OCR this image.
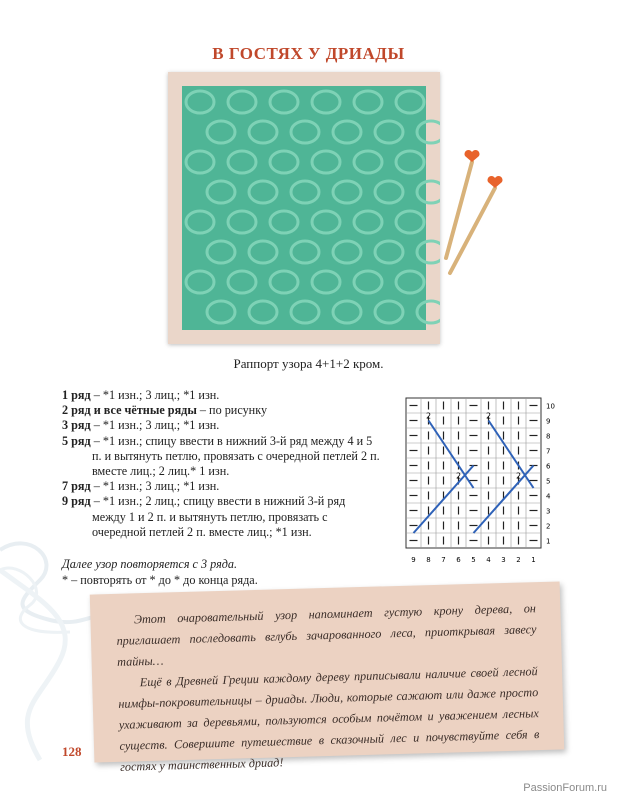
В ГОСТЯХ У ДРИАДЫ
Раппорт узора 4+1+2 кром.

1 ряд – *1 изн.; 3 лиц.; *1 изн.

2 ряд и все чётные ряды – по рисунку

3 ряд – *1 изн.; 3 лиц.; *1 изн.

5 ряд – *1 изн.; спицу ввести в нижний 3-й ряд между 4 и 5 п. и вытянуть петлю, провязать с очередной петлей 2 п. вместе лиц.; 2 лиц.* 1 изн.

7 ряд – *1 изн.; 3 лиц.; *1 изн.

9 ряд – *1 изн.; 2 лиц.; спицу ввести в нижний 3-й ряд между 1 и 2 п. и вытянуть петлю, провязать с очередной петлей 2 п. вместе лиц.; *1 изн.

Далее узор повторяется с 3 ряда.
* – повторять от * до * до конца ряда.
2	2
2	2
10
9
8
7
6
5
4
3
2
1
9 8 7 6 5 4 3 2 1

Этот очаровательный узор напоминает густую крону дерева, он приглашает последовать вглубь зачарованного леса, приоткрывая завесу тайны…

Ещё в Древней Греции каждому дереву приписывали наличие своей лесной нимфы-покровительницы – дриады. Люди, которые сажают или даже просто ухаживают за деревьями, пользуются особым почётом и уважением лесных существ. Совершите путешествие в сказочный лес и почувствуйте себя в гостях у таинственных дриад!

128
PassionForum.ru
